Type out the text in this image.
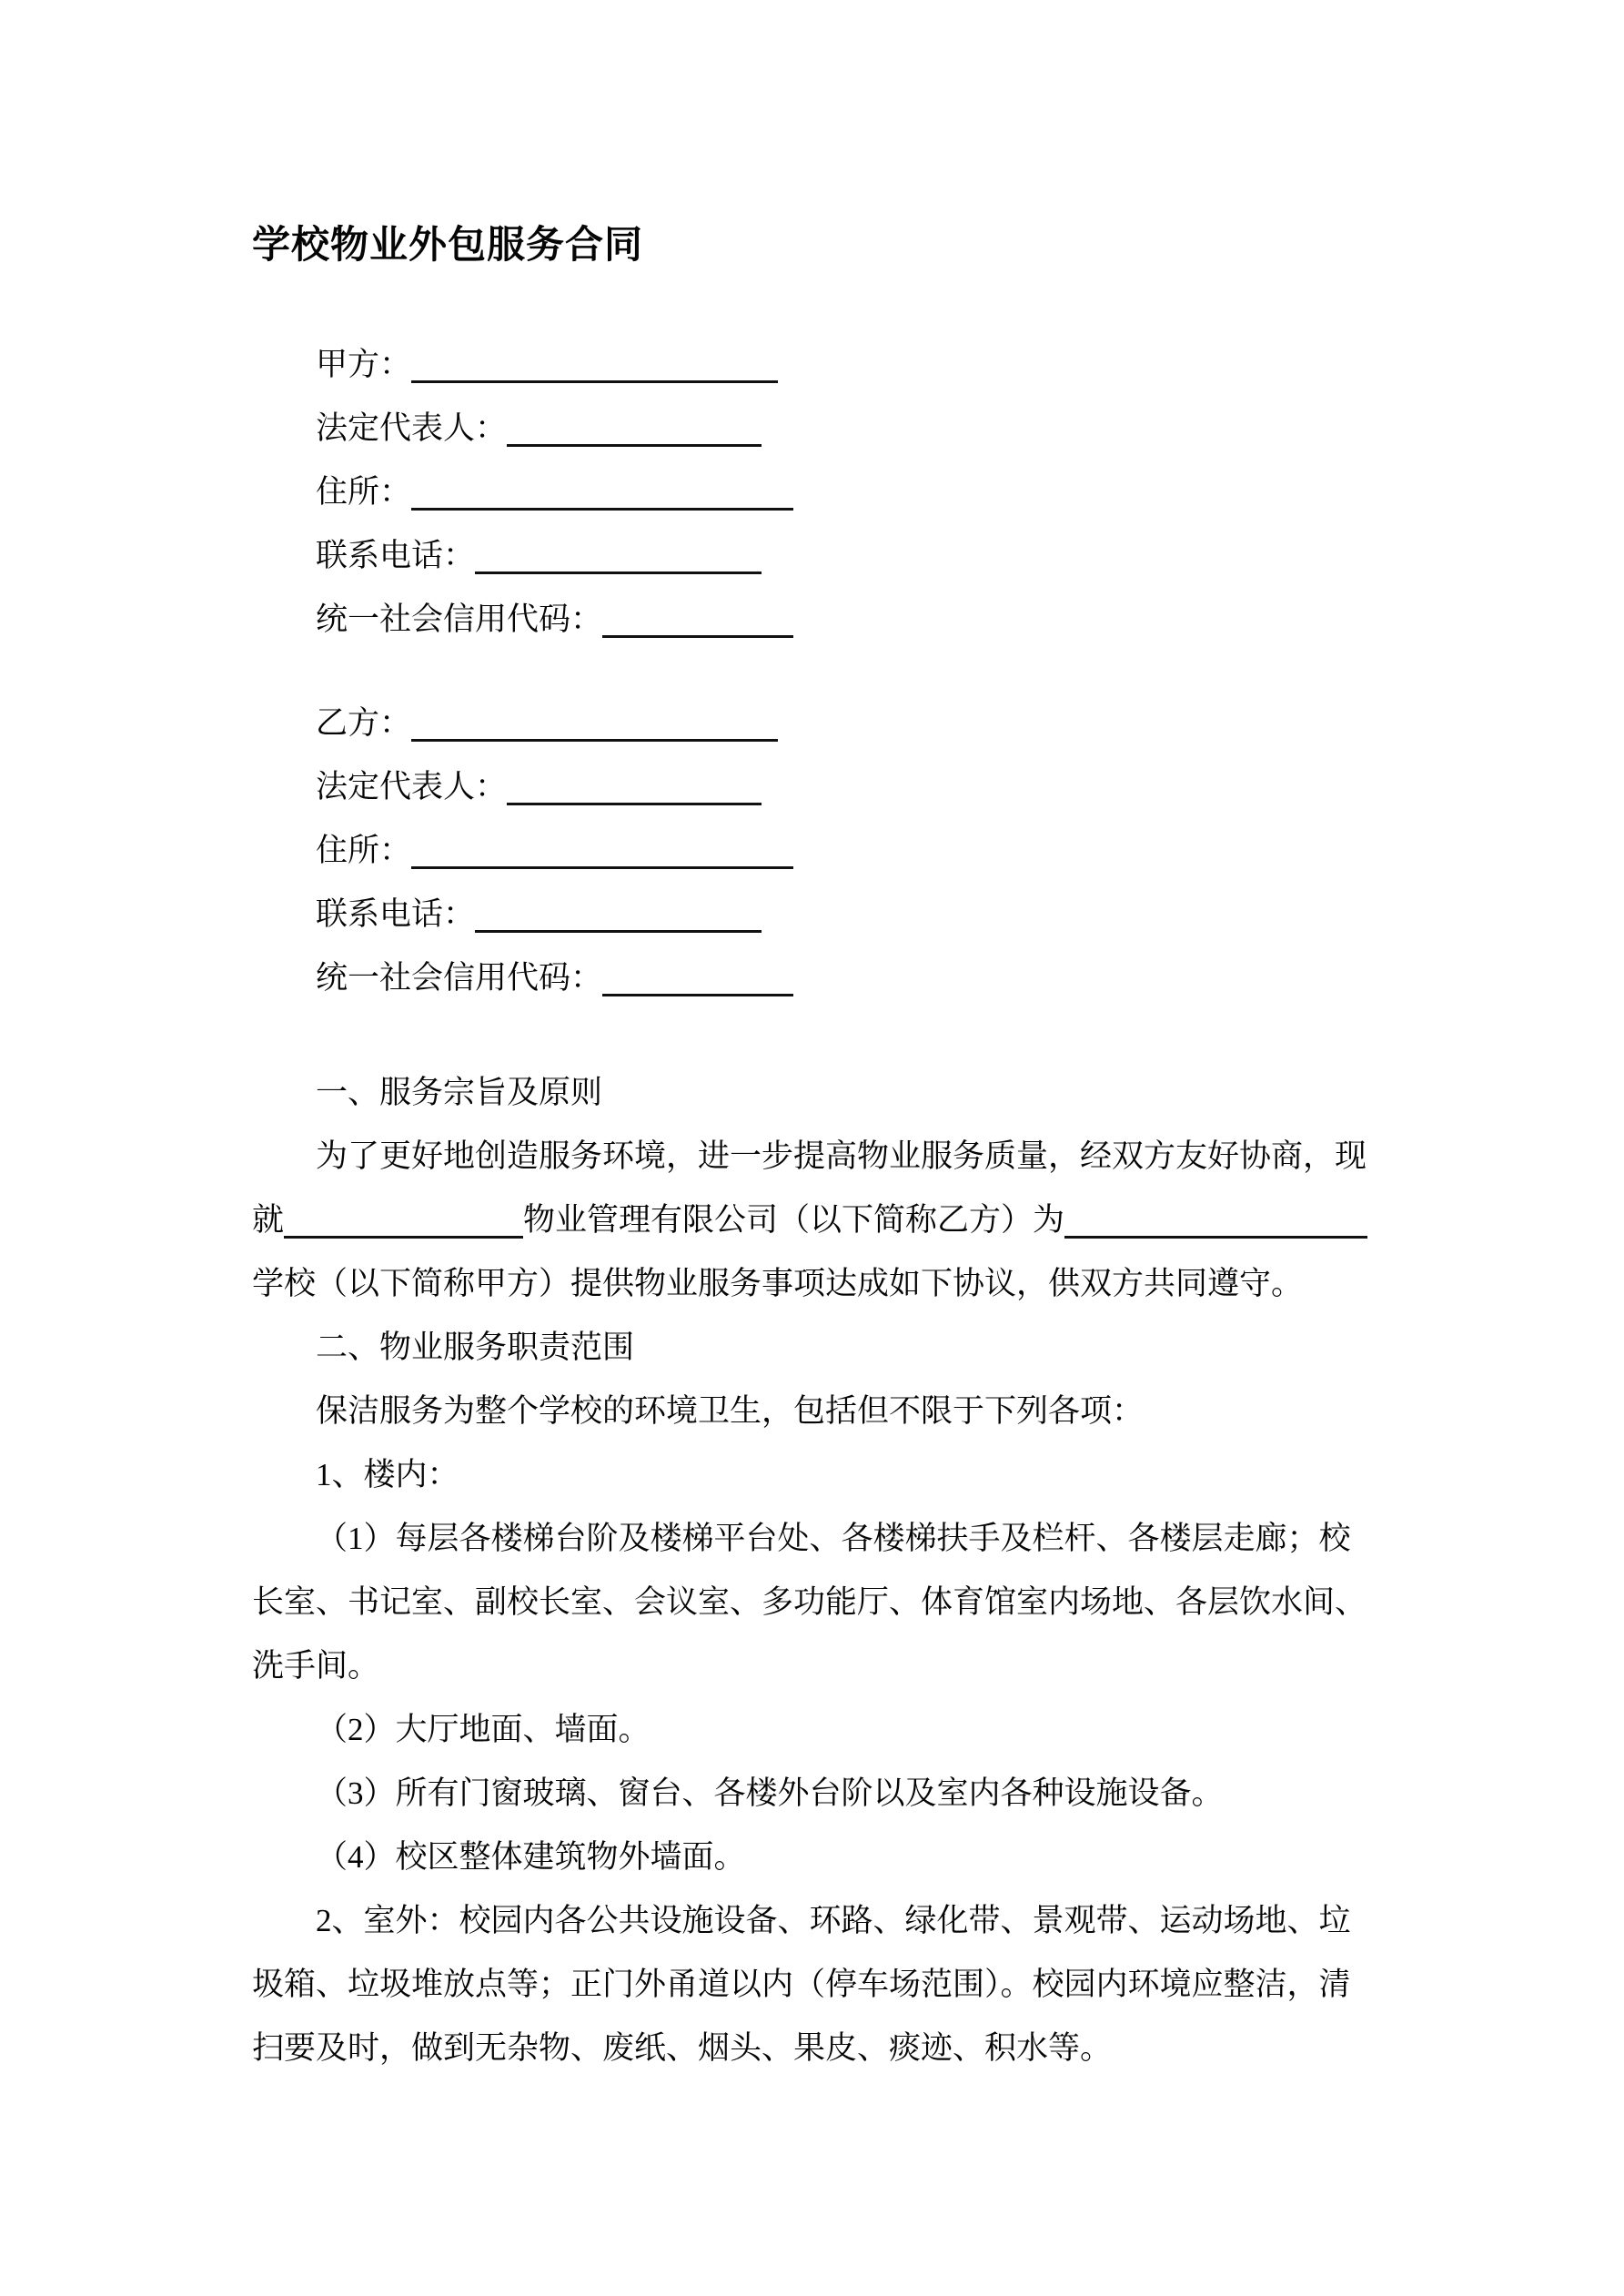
学校物业外包服务合同
甲方：
法定代表人：
住所：
联系电话：
统一社会信用代码：
乙方：
法定代表人：
住所：
联系电话：
统一社会信用代码：
一、服务宗旨及原则
为了更好地创造服务环境，进一步提高物业服务质量，经双方友好协商，现
就	物业管理有限公司（以下简称乙方）为
学校（以下简称甲方）提供物业服务事项达成如下协议，供双方共同遵守。
二、物业服务职责范围
保洁服务为整个学校的环境卫生，包括但不限于下列各项：
1、楼内：
（1）每层各楼梯台阶及楼梯平台处、各楼梯扶手及栏杆、各楼层走廊；校
长室、书记室、副校长室、会议室、多功能厅、体育馆室内场地、各层饮水间、
洗手间。
（2）大厅地面、墙面。
（3）所有门窗玻璃、窗台、各楼外台阶以及室内各种设施设备。
（4）校区整体建筑物外墙面。
2、室外：校园内各公共设施设备、环路、绿化带、景观带、运动场地、垃
圾箱、垃圾堆放点等；正门外甬道以内（停车场范围）。校园内环境应整洁，清
扫要及时，做到无杂物、废纸、烟头、果皮、痰迹、积水等。
